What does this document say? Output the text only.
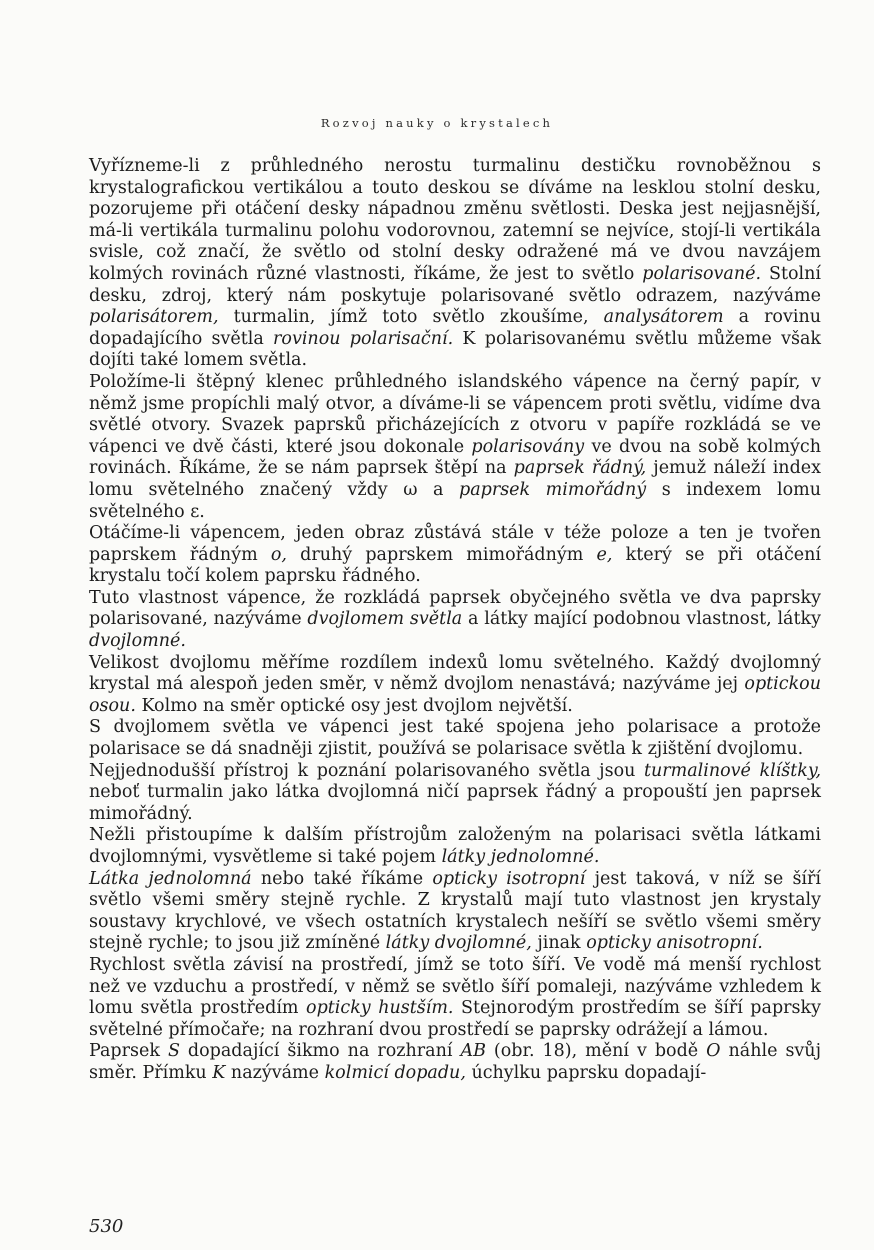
Rozvoj nauky o krystalech

Vyřízneme-li z průhledného nerostu turmalinu destičku rovnoběžnou s krystalografickou vertikálou a touto deskou se díváme na lesklou stolní desku, pozorujeme při otáčení desky nápadnou změnu světlosti. Deska jest nejjasnější, má-li vertikála turmalinu polohu vodorovnou, zatemní se nejvíce, stojí-li vertikála svisle, což značí, že světlo od stolní desky odražené má ve dvou navzájem kolmých rovinách různé vlastnosti, říkáme, že jest to světlo polarisované. Stolní desku, zdroj, který nám poskytuje polarisované světlo odrazem, nazýváme polarisátorem, turmalin, jímž toto světlo zkoušíme, analysátorem a rovinu dopadajícího světla rovinou polarisační. K polarisovanému světlu můžeme však dojíti také lomem světla.

Položíme-li štěpný klenec průhledného islandského vápence na černý papír, v němž jsme propíchli malý otvor, a díváme-li se vápencem proti světlu, vidíme dva světlé otvory. Svazek paprsků přicházejících z otvoru v papíře rozkládá se ve vápenci ve dvě části, které jsou dokonale polarisovány ve dvou na sobě kolmých rovinách. Říkáme, že se nám paprsek štěpí na paprsek řádný, jemuž náleží index lomu světelného značený vždy ω a paprsek mimořádný s indexem lomu světelného ε.

Otáčíme-li vápencem, jeden obraz zůstává stále v téže poloze a ten je tvořen paprskem řádným o, druhý paprskem mimořádným e, který se při otáčení krystalu točí kolem paprsku řádného.

Tuto vlastnost vápence, že rozkládá paprsek obyčejného světla ve dva paprsky polarisované, nazýváme dvojlomem světla a látky mající podobnou vlastnost, látky dvojlomné.

Velikost dvojlomu měříme rozdílem indexů lomu světelného. Každý dvojlomný krystal má alespoň jeden směr, v němž dvojlom nenastává; nazýváme jej optickou osou. Kolmo na směr optické osy jest dvojlom největší.

S dvojlomem světla ve vápenci jest také spojena jeho polarisace a protože polarisace se dá snadněji zjistit, používá se polarisace světla k zjištění dvojlomu.

Nejjednodušší přístroj k poznání polarisovaného světla jsou turmalinové klíštky, neboť turmalin jako látka dvojlomná ničí paprsek řádný a propouští jen paprsek mimořádný.

Nežli přistoupíme k dalším přístrojům založeným na polarisaci světla látkami dvojlomnými, vysvětleme si také pojem látky jednolomné.

Látka jednolomná nebo také říkáme opticky isotropní jest taková, v níž se šíří světlo všemi směry stejně rychle. Z krystalů mají tuto vlastnost jen krystaly soustavy krychlové, ve všech ostatních krystalech nešíří se světlo všemi směry stejně rychle; to jsou již zmíněné látky dvojlomné, jinak opticky anisotropní.

Rychlost světla závisí na prostředí, jímž se toto šíří. Ve vodě má menší rychlost než ve vzduchu a prostředí, v němž se světlo šíří pomaleji, nazýváme vzhledem k lomu světla prostředím opticky hustším. Stejnorodým prostředím se šíří paprsky světelné přímočaře; na rozhraní dvou prostředí se paprsky odrážejí a lámou.

Paprsek S dopadající šikmo na rozhraní AB (obr. 18), mění v bodě O náhle svůj směr. Přímku K nazýváme kolmicí dopadu, úchylku paprsku dopadají-

530
